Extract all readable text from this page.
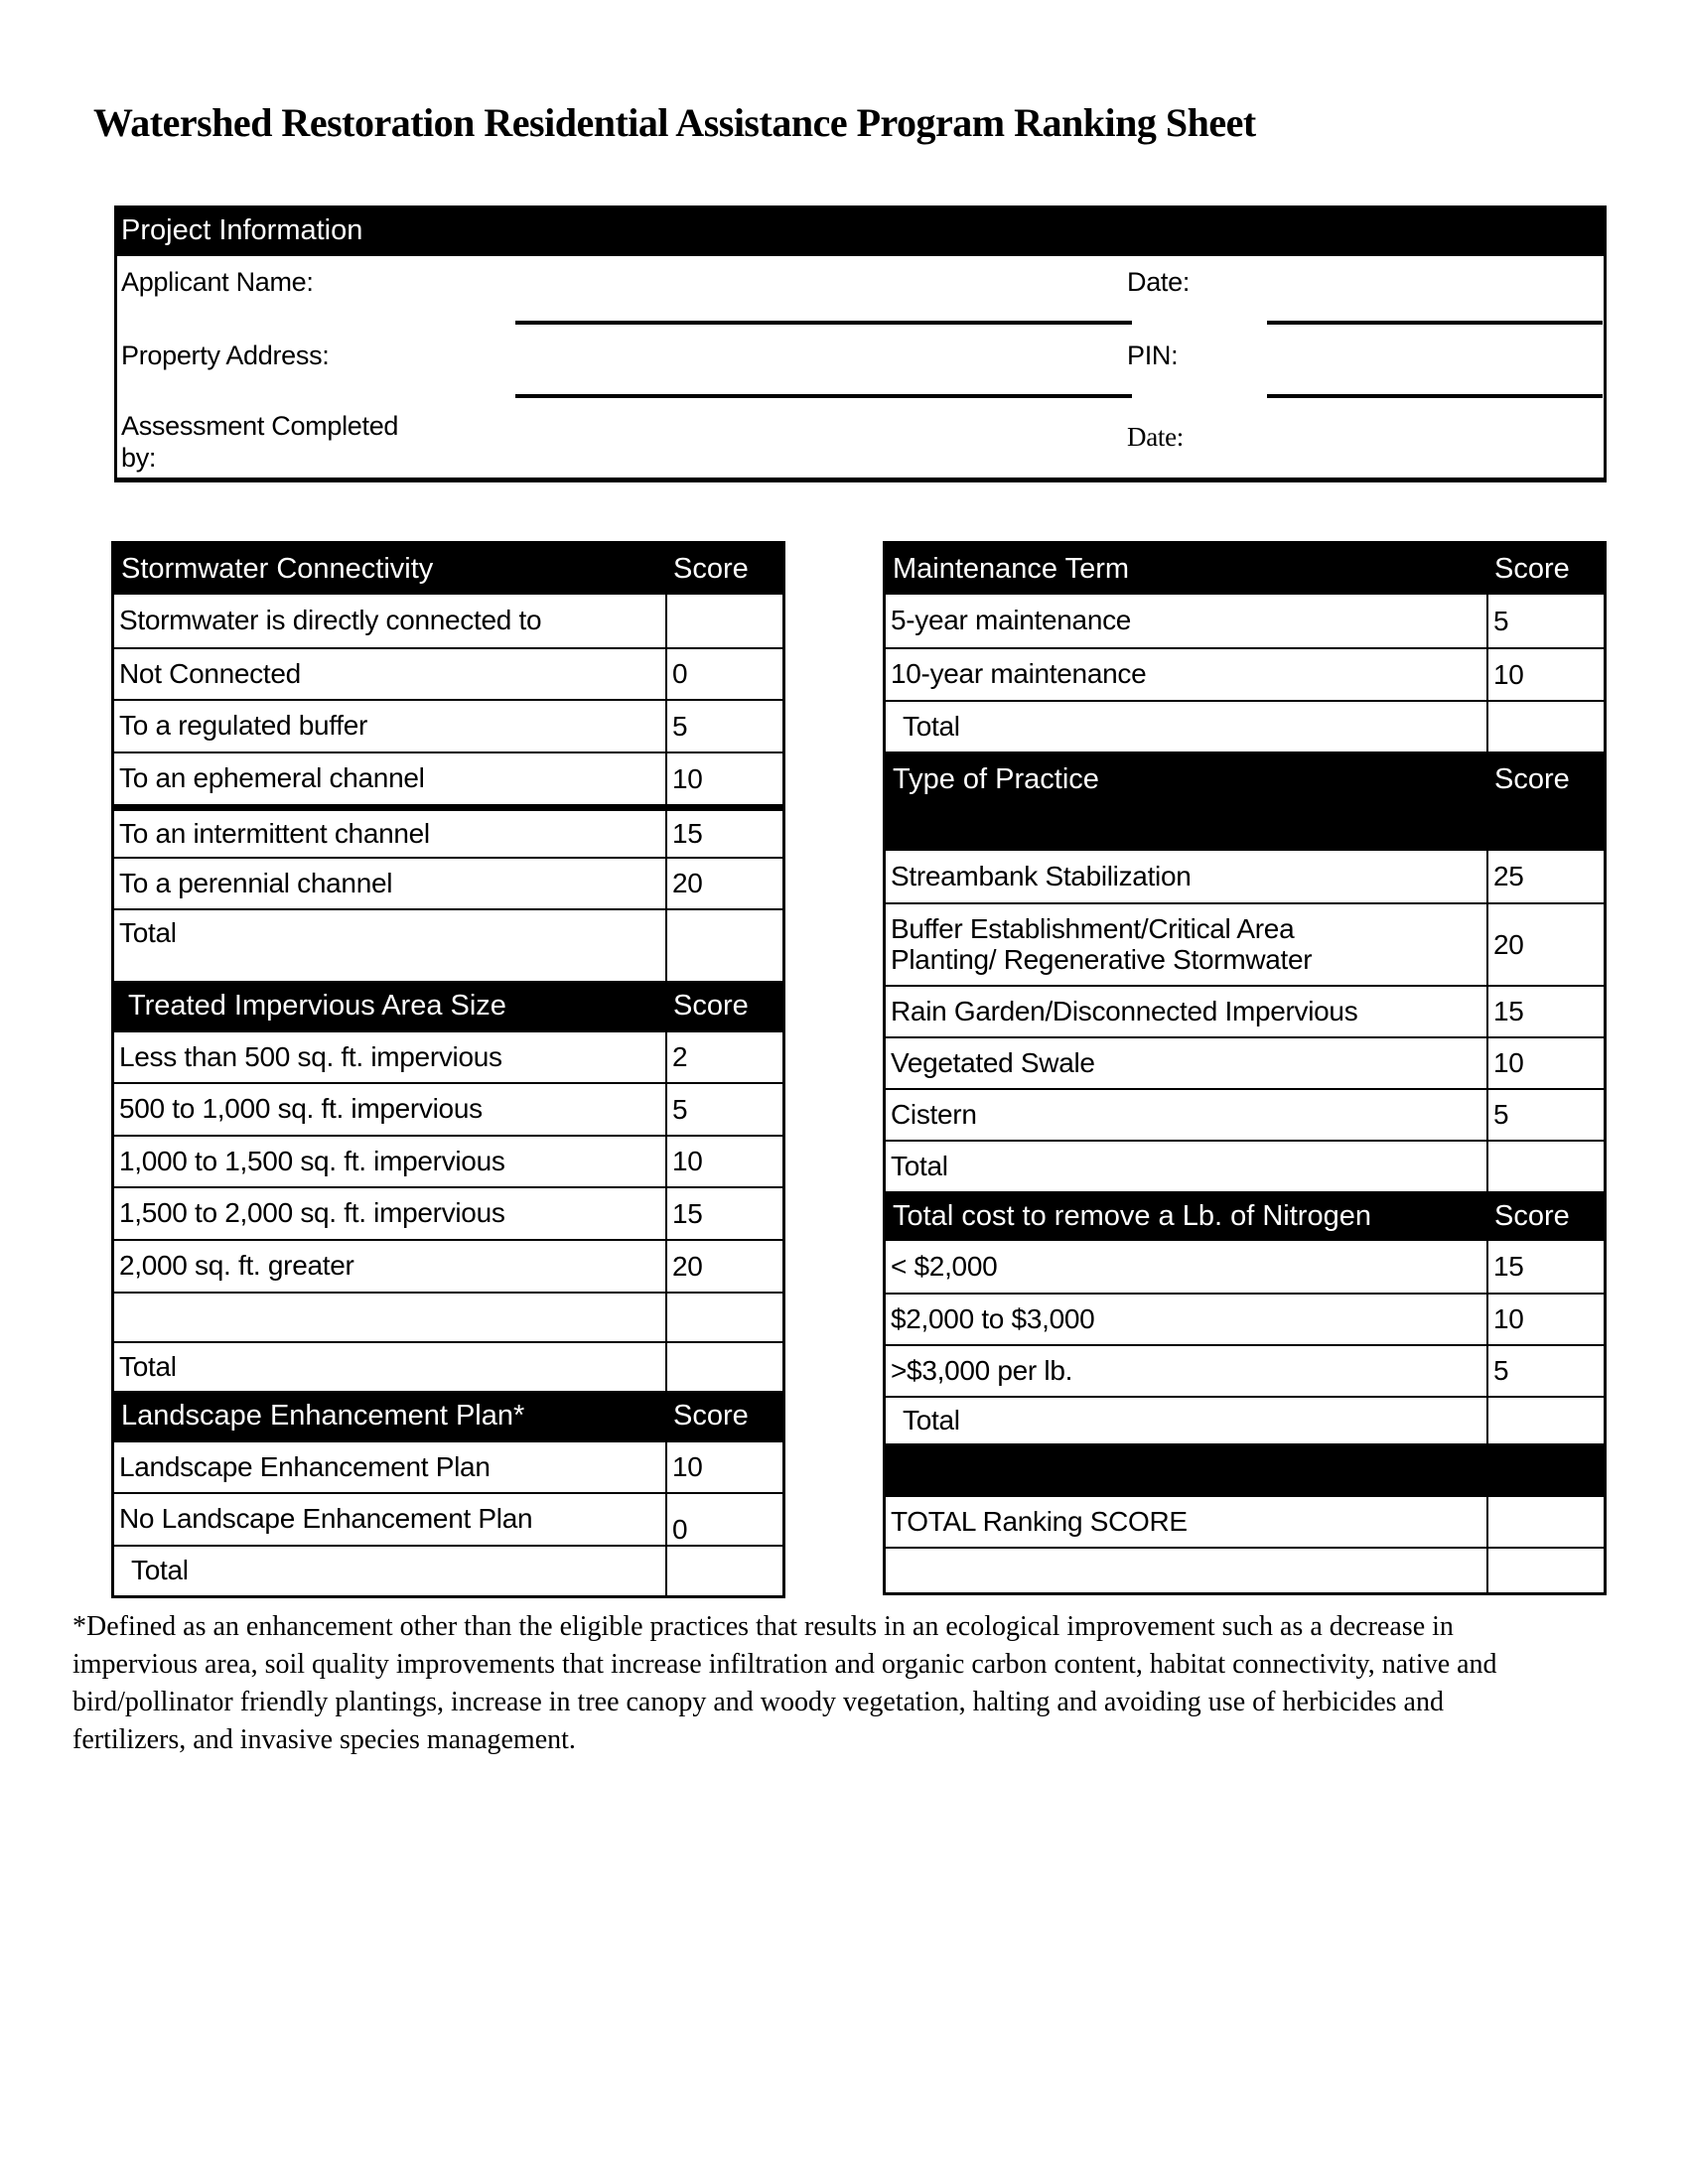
Watershed Restoration Residential Assistance Program Ranking Sheet
Project Information
Applicant Name:	Date:
Property Address:	PIN:
Assessment Completed by:
Date:
Stormwater Connectivity	Score
Stormwater is directly connected to
Not Connected	0
To a regulated buffer	5
To an ephemeral channel	10
To an intermittent channel	15
To a perennial channel	20
Total
Treated Impervious Area Size	Score
Less than 500 sq. ft. impervious	2
500 to 1,000 sq. ft. impervious	5
1,000 to 1,500 sq. ft. impervious	10
1,500 to 2,000 sq. ft. impervious	15
2,000 sq. ft. greater	20
Total
Landscape Enhancement Plan*	Score
Landscape Enhancement Plan	10
No Landscape Enhancement Plan	0
Total
Maintenance Term	Score
5-year maintenance	5
10-year maintenance	10
Total
Type of Practice	Score
Streambank Stabilization	25
Buffer Establishment/Critical Area Planting/ Regenerative Stormwater	20
Rain Garden/Disconnected Impervious	15
Vegetated Swale	10
Cistern	5
Total
Total cost to remove a Lb. of Nitrogen	Score
< $2,000	15
$2,000 to $3,000	10
>$3,000 per lb.	5
Total
TOTAL Ranking SCORE

*Defined as an enhancement other than the eligible practices that results in an ecological improvement such as a decrease in impervious area, soil quality improvements that increase infiltration and organic carbon content, habitat connectivity, native and bird/pollinator friendly plantings, increase in tree canopy and woody vegetation, halting and avoiding use of herbicides and fertilizers, and invasive species management.
